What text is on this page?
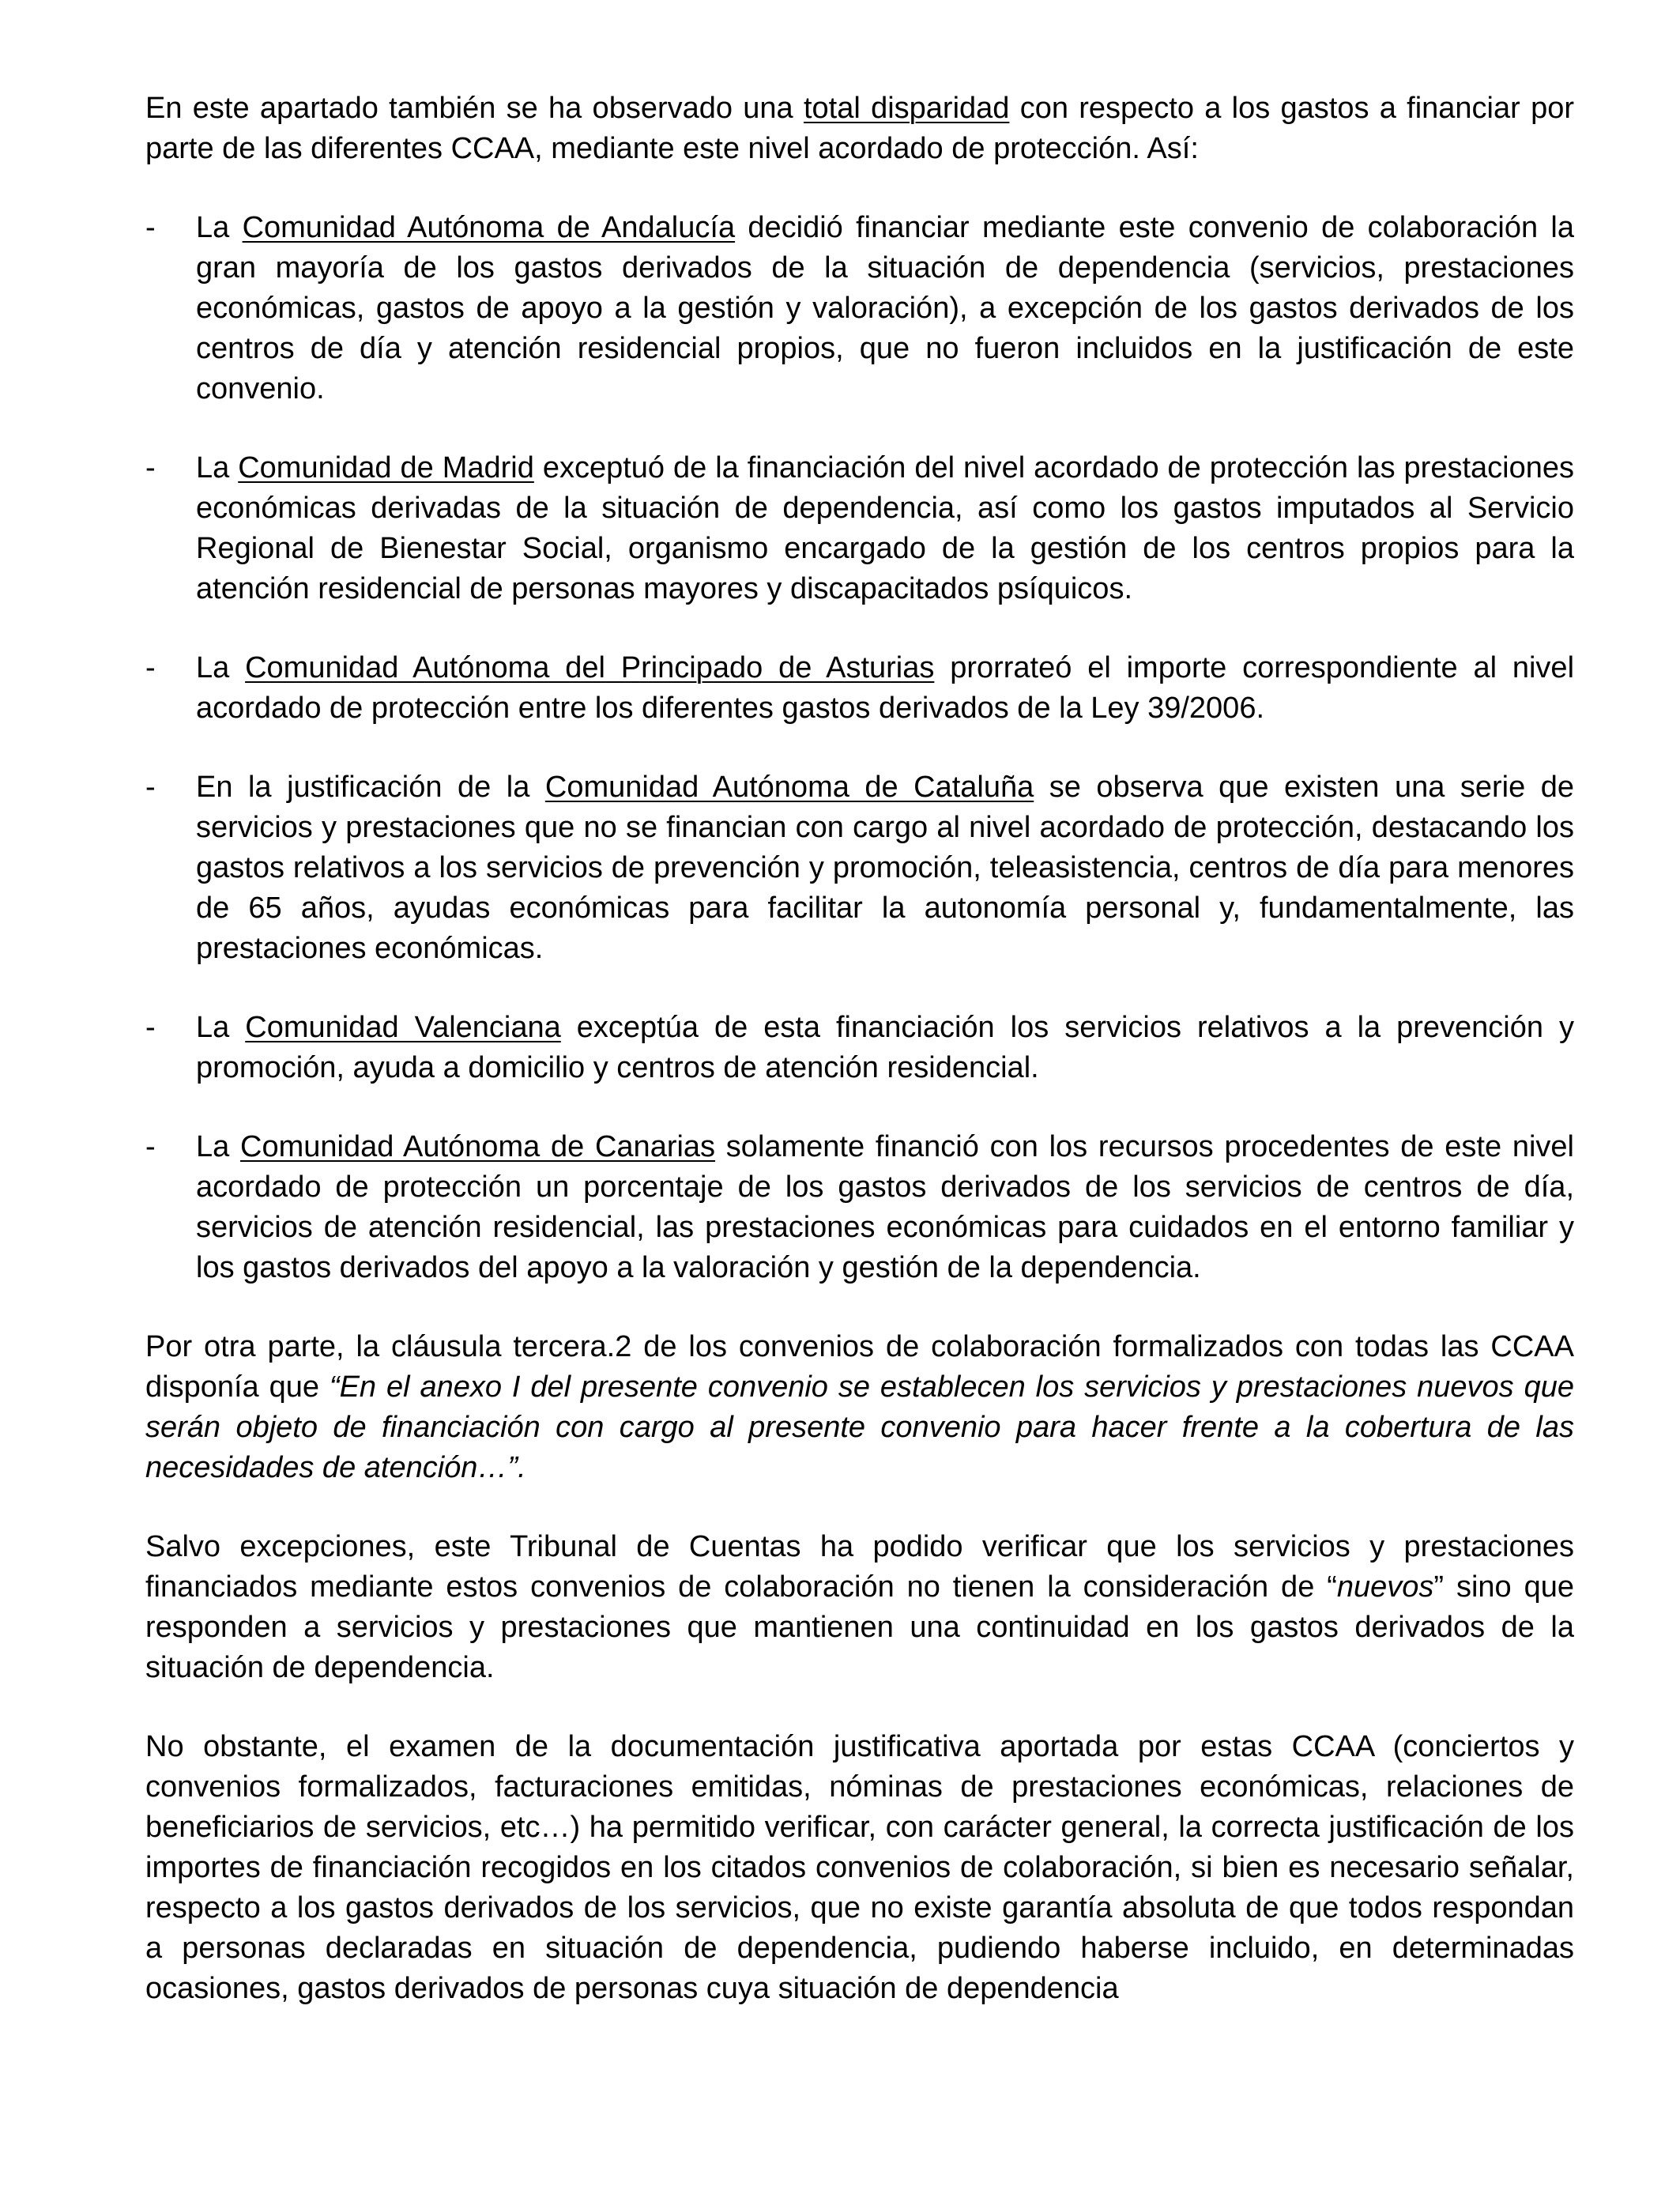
En este apartado también se ha observado una total disparidad con respecto a los gastos a financiar por parte de las diferentes CCAA, mediante este nivel acordado de protección. Así:

-	La Comunidad Autónoma de Andalucía decidió financiar mediante este convenio de colaboración la gran mayoría de los gastos derivados de la situación de dependencia (servicios, prestaciones económicas, gastos de apoyo a la gestión y valoración), a excepción de los gastos derivados de los centros de día y atención residencial propios, que no fueron incluidos en la justificación de este convenio.
-	La Comunidad de Madrid exceptuó de la financiación del nivel acordado de protección las prestaciones económicas derivadas de la situación de dependencia, así como los gastos imputados al Servicio Regional de Bienestar Social, organismo encargado de la gestión de los centros propios para la atención residencial de personas mayores y discapacitados psíquicos.
-	La Comunidad Autónoma del Principado de Asturias prorrateó el importe correspondiente al nivel acordado de protección entre los diferentes gastos derivados de la Ley 39/2006.
-	En la justificación de la Comunidad Autónoma de Cataluña se observa que existen una serie de servicios y prestaciones que no se financian con cargo al nivel acordado de protección, destacando los gastos relativos a los servicios de prevención y promoción, teleasistencia, centros de día para menores de 65 años, ayudas económicas para facilitar la autonomía personal y, fundamentalmente, las prestaciones económicas.
-	La Comunidad Valenciana exceptúa de esta financiación los servicios relativos a la prevención y promoción, ayuda a domicilio y centros de atención residencial.
-	La Comunidad Autónoma de Canarias solamente financió con los recursos procedentes de este nivel acordado de protección un porcentaje de los gastos derivados de los servicios de centros de día, servicios de atención residencial, las prestaciones económicas para cuidados en el entorno familiar y los gastos derivados del apoyo a la valoración y gestión de la dependencia.

Por otra parte, la cláusula tercera.2 de los convenios de colaboración formalizados con todas las CCAA disponía que “En el anexo I del presente convenio se establecen los servicios y prestaciones nuevos que serán objeto de financiación con cargo al presente convenio para hacer frente a la cobertura de las necesidades de atención…”.

Salvo excepciones, este Tribunal de Cuentas ha podido verificar que los servicios y prestaciones financiados mediante estos convenios de colaboración no tienen la consideración de “nuevos” sino que responden a servicios y prestaciones que mantienen una continuidad en los gastos derivados de la situación de dependencia.

No obstante, el examen de la documentación justificativa aportada por estas CCAA (conciertos y convenios formalizados, facturaciones emitidas, nóminas de prestaciones económicas, relaciones de beneficiarios de servicios, etc…) ha permitido verificar, con carácter general, la correcta justificación de los importes de financiación recogidos en los citados convenios de colaboración, si bien es necesario señalar, respecto a los gastos derivados de los servicios, que no existe garantía absoluta de que todos respondan a personas declaradas en situación de dependencia, pudiendo haberse incluido, en determinadas ocasiones, gastos derivados de personas cuya situación de dependencia
